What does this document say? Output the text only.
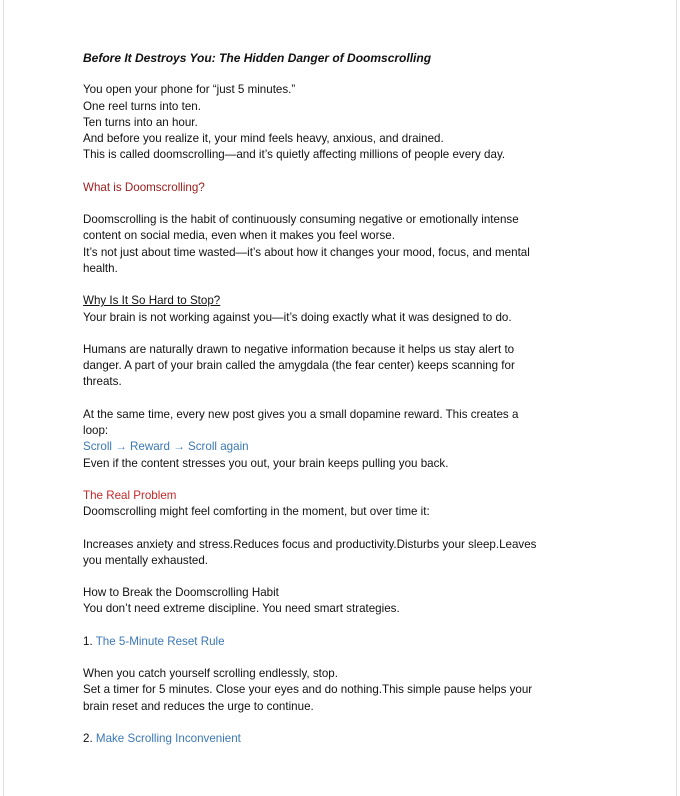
Before It Destroys You: The Hidden Danger of Doomscrolling
You open your phone for “just 5 minutes.”
One reel turns into ten.
Ten turns into an hour.
And before you realize it, your mind feels heavy, anxious, and drained.
This is called doomscrolling—and it’s quietly affecting millions of people every day.
What is Doomscrolling?
Doomscrolling is the habit of continuously consuming negative or emotionally intense
content on social media, even when it makes you feel worse.
It’s not just about time wasted—it’s about how it changes your mood, focus, and mental
health.
Why Is It So Hard to Stop?
Your brain is not working against you—it’s doing exactly what it was designed to do.
Humans are naturally drawn to negative information because it helps us stay alert to
danger. A part of your brain called the amygdala (the fear center) keeps scanning for
threats.
At the same time, every new post gives you a small dopamine reward. This creates a
loop:
Scroll → Reward → Scroll again
Even if the content stresses you out, your brain keeps pulling you back.
The Real Problem
Doomscrolling might feel comforting in the moment, but over time it:
Increases anxiety and stress.Reduces focus and productivity.Disturbs your sleep.Leaves
you mentally exhausted.
How to Break the Doomscrolling Habit
You don’t need extreme discipline. You need smart strategies.
1. The 5-Minute Reset Rule
When you catch yourself scrolling endlessly, stop.
Set a timer for 5 minutes. Close your eyes and do nothing.This simple pause helps your
brain reset and reduces the urge to continue.
2. Make Scrolling Inconvenient
